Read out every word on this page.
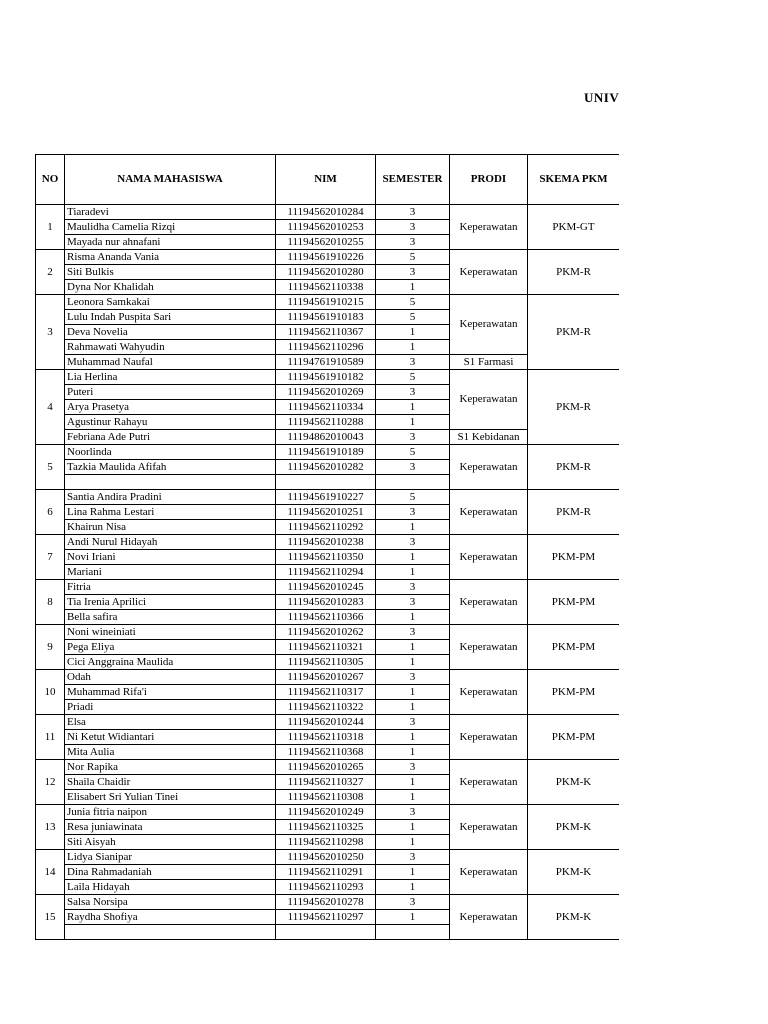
UNIV
NO	NAMA MAHASISWA	NIM	SEMESTER	PRODI	SKEMA PKM
1	Tiaradevi	11194562010284	3	Keperawatan	PKM-GT
	Maulidha Camelia Rizqi	11194562010253	3		
	Mayada nur ahnafani	11194562010255	3		
2	Risma Ananda Vania	11194561910226	5	Keperawatan	PKM-R
	Siti Bulkis	11194562010280	3		
	Dyna Nor Khalidah	11194562110338	1		
3	Leonora Samkakai	11194561910215	5	Keperawatan	PKM-R
	Lulu Indah Puspita Sari	11194561910183	5		
	Deva Novelia	11194562110367	1		
	Rahmawati Wahyudin	11194562110296	1		
	Muhammad Naufal	11194761910589	3	S1 Farmasi	
4	Lia Herlina	11194561910182	5	Keperawatan	PKM-R
	Puteri	11194562010269	3		
	Arya Prasetya	11194562110334	1		
	Agustinur Rahayu	11194562110288	1		
	Febriana Ade Putri	11194862010043	3	S1 Kebidanan	
5	Noorlinda	11194561910189	5	Keperawatan	PKM-R
	Tazkia Maulida Afifah	11194562010282	3		

6	Santia Andira Pradini	11194561910227	5	Keperawatan	PKM-R
	Lina Rahma Lestari	11194562010251	3		
	Khairun Nisa	11194562110292	1		
7	Andi Nurul Hidayah	11194562010238	3	Keperawatan	PKM-PM
	Novi Iriani	11194562110350	1		
	Mariani	11194562110294	1		
8	Fitria	11194562010245	3	Keperawatan	PKM-PM
	Tia Irenia Aprilici	11194562010283	3		
	Bella safira	11194562110366	1		
9	Noni wineiniati	11194562010262	3	Keperawatan	PKM-PM
	Pega Eliya	11194562110321	1		
	Cici Anggraina Maulida	11194562110305	1		
10	Odah	11194562010267	3	Keperawatan	PKM-PM
	Muhammad Rifa'i	11194562110317	1		
	Priadi	11194562110322	1		
11	Elsa	11194562010244	3	Keperawatan	PKM-PM
	Ni Ketut Widiantari	11194562110318	1		
	Mita Aulia	11194562110368	1		
12	Nor Rapika	11194562010265	3	Keperawatan	PKM-K
	Shaila Chaidir	11194562110327	1		
	Elisabert Sri Yulian Tinei	11194562110308	1		
13	Junia fitria naipon	11194562010249	3	Keperawatan	PKM-K
	Resa juniawinata	11194562110325	1		
	Siti Aisyah	11194562110298	1		
14	Lidya Sianipar	11194562010250	3	Keperawatan	PKM-K
	Dina Rahmadaniah	11194562110291	1		
	Laila Hidayah	11194562110293	1		
15	Salsa Norsipa	11194562010278	3	Keperawatan	PKM-K
	Raydha Shofiya	11194562110297	1		
